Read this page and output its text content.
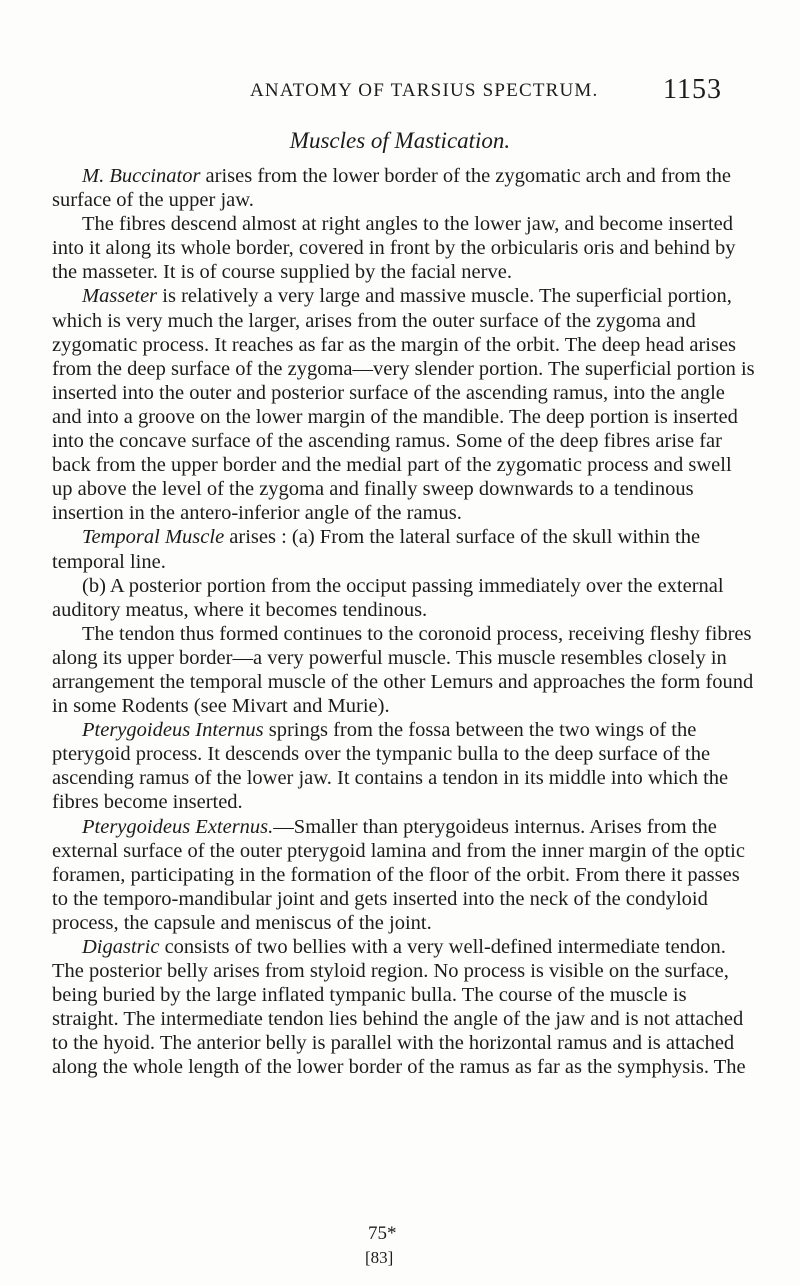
ANATOMY OF TARSIUS SPECTRUM. 1153
Muscles of Mastication.

M. Buccinator arises from the lower border of the zygomatic arch and from the surface of the upper jaw.

The fibres descend almost at right angles to the lower jaw, and become inserted into it along its whole border, covered in front by the orbicularis oris and behind by the masseter. It is of course supplied by the facial nerve.

Masseter is relatively a very large and massive muscle. The superficial portion, which is very much the larger, arises from the outer surface of the zygoma and zygomatic process. It reaches as far as the margin of the orbit. The deep head arises from the deep surface of the zygoma—very slender portion. The superficial portion is inserted into the outer and posterior surface of the ascending ramus, into the angle and into a groove on the lower margin of the mandible. The deep portion is inserted into the concave surface of the ascending ramus. Some of the deep fibres arise far back from the upper border and the medial part of the zygomatic process and swell up above the level of the zygoma and finally sweep downwards to a tendinous insertion in the antero-inferior angle of the ramus.

Temporal Muscle arises : (a) From the lateral surface of the skull within the temporal line.

(b) A posterior portion from the occiput passing immediately over the external auditory meatus, where it becomes tendinous.

The tendon thus formed continues to the coronoid process, receiving fleshy fibres along its upper border—a very powerful muscle. This muscle resembles closely in arrangement the temporal muscle of the other Lemurs and approaches the form found in some Rodents (see Mivart and Murie).

Pterygoideus Internus springs from the fossa between the two wings of the pterygoid process. It descends over the tympanic bulla to the deep surface of the ascending ramus of the lower jaw. It contains a tendon in its middle into which the fibres become inserted.

Pterygoideus Externus.—Smaller than pterygoideus internus. Arises from the external surface of the outer pterygoid lamina and from the inner margin of the optic foramen, participating in the formation of the floor of the orbit. From there it passes to the temporo-mandibular joint and gets inserted into the neck of the condyloid process, the capsule and meniscus of the joint.

Digastric consists of two bellies with a very well-defined intermediate tendon. The posterior belly arises from styloid region. No process is visible on the surface, being buried by the large inflated tympanic bulla. The course of the muscle is straight. The intermediate tendon lies behind the angle of the jaw and is not attached to the hyoid. The anterior belly is parallel with the horizontal ramus and is attached along the whole length of the lower border of the ramus as far as the symphysis. The

75*
[83]
